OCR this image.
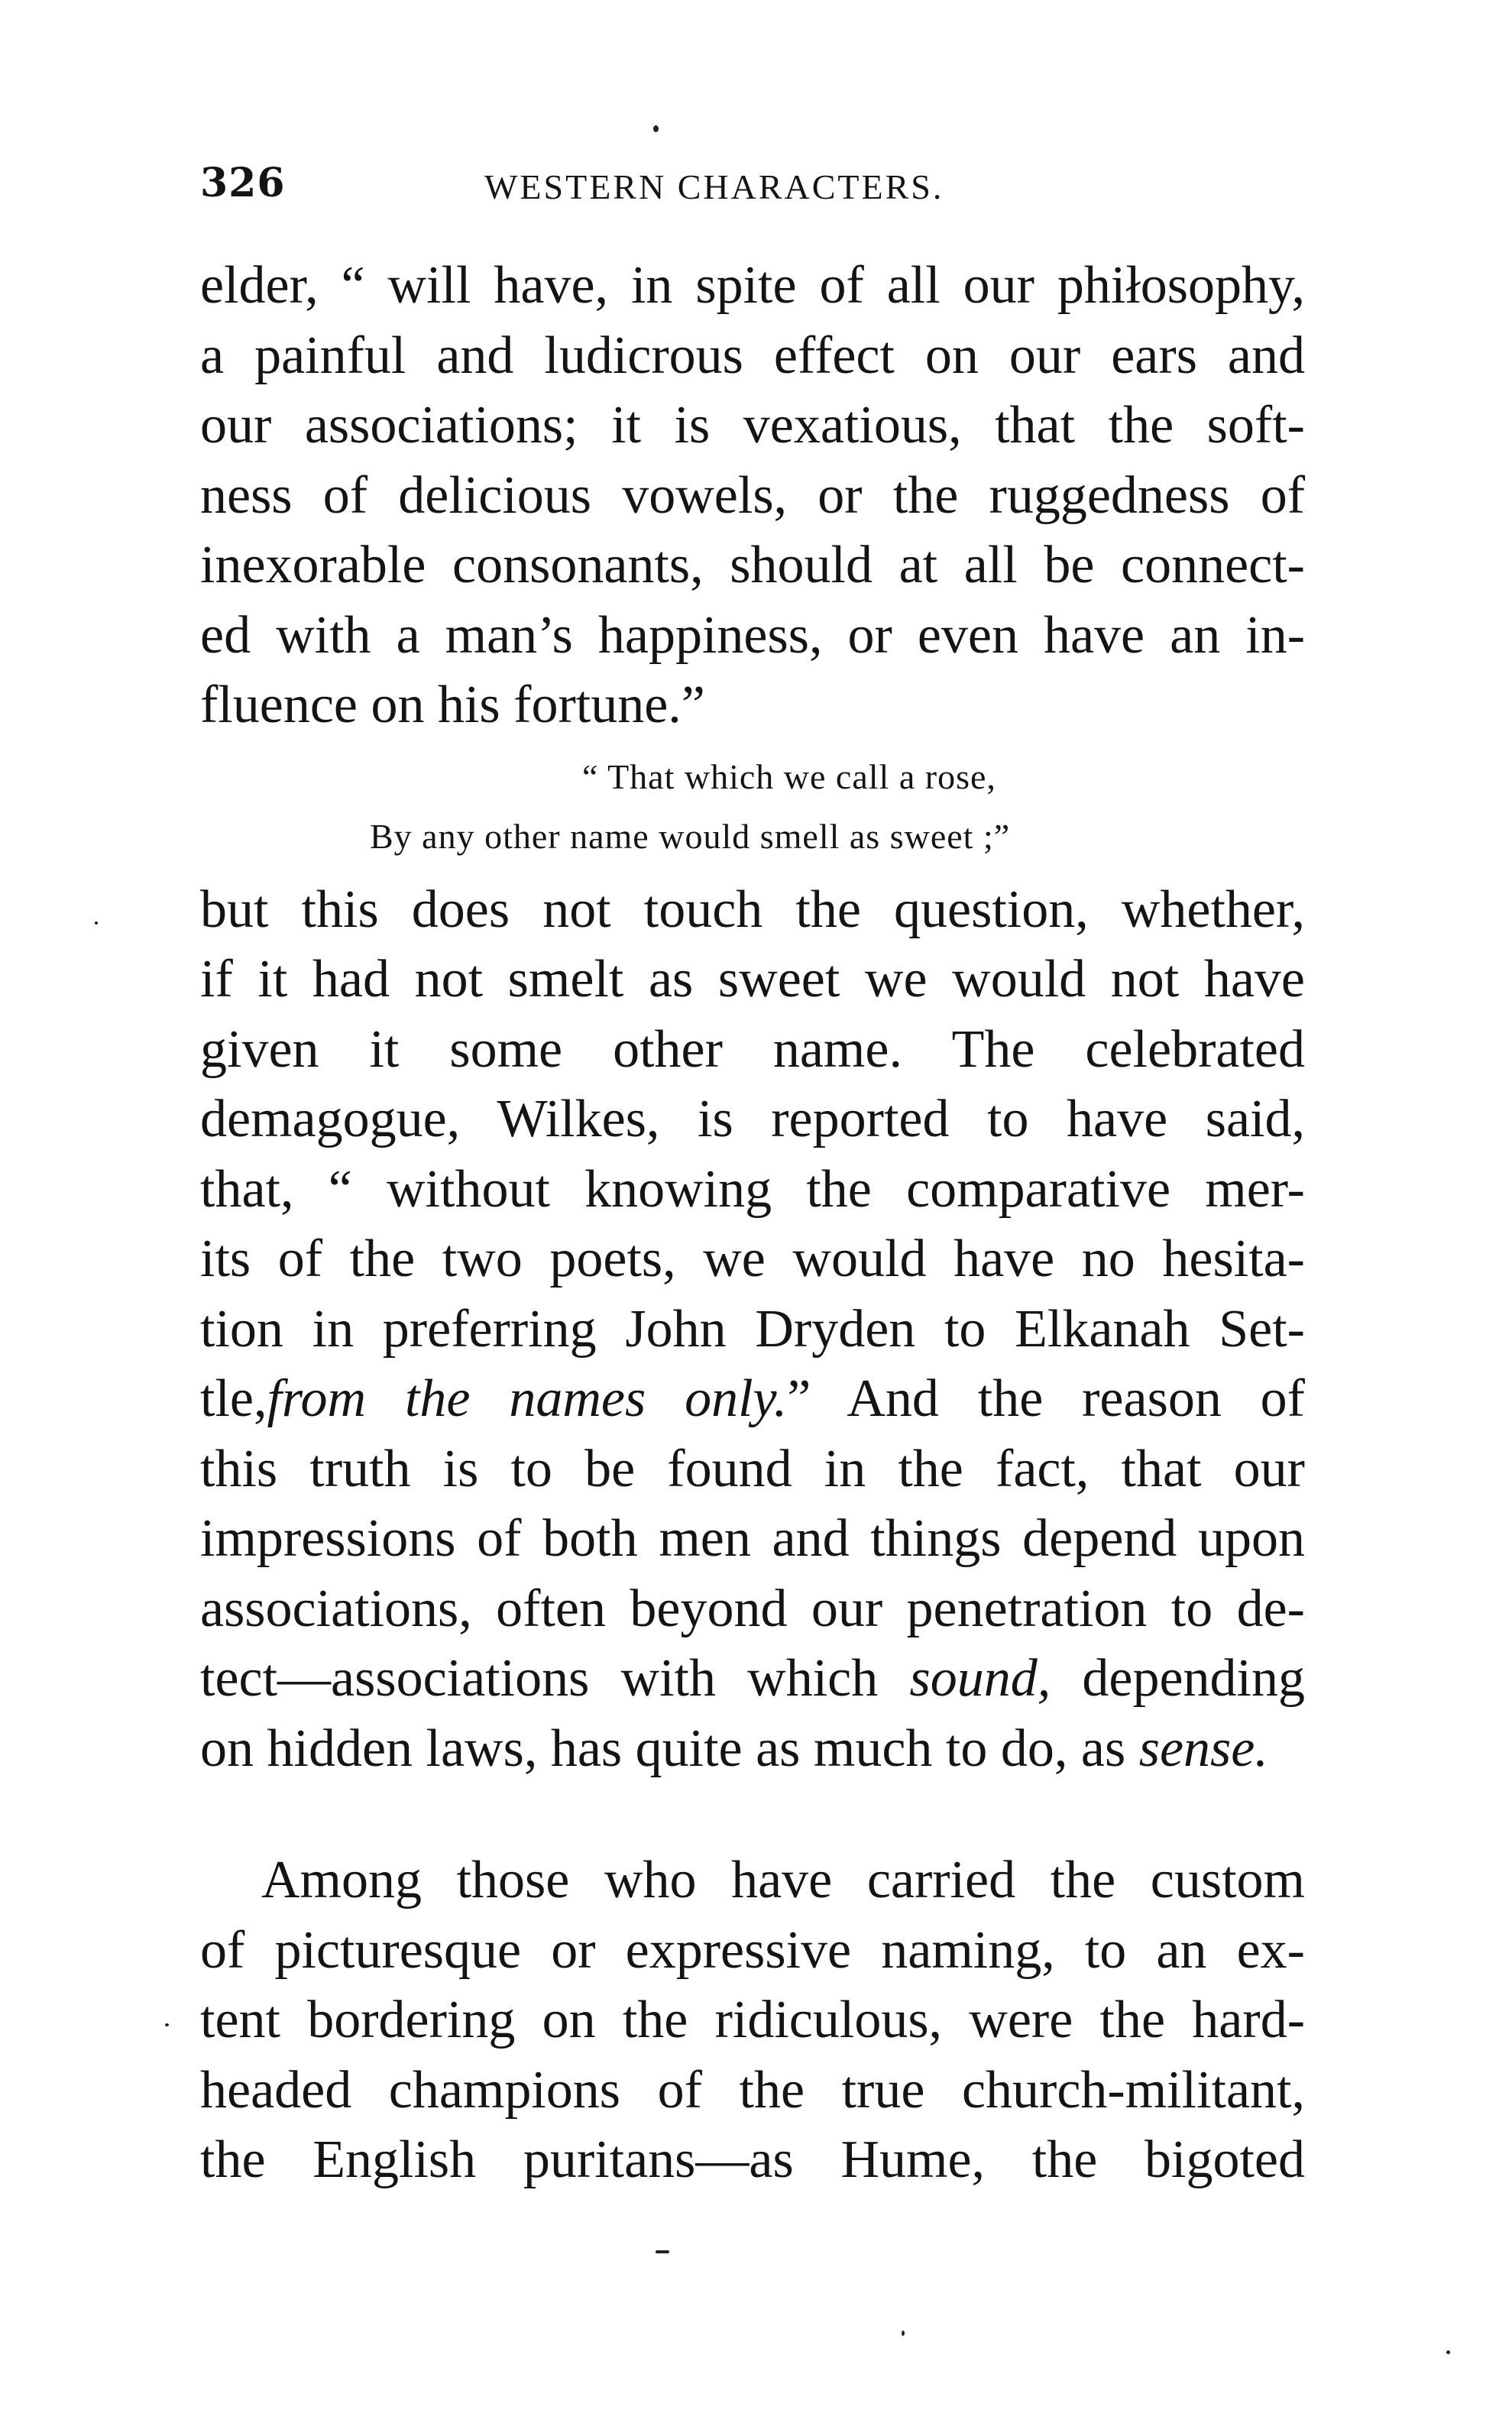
326	WESTERN CHARACTERS.
elder, “ will have, in spite of all our phiłosophy,
a painful and ludicrous effect on our ears and
our associations; it is vexatious, that the soft-
ness of delicious vowels, or the ruggedness of
inexorable consonants, should at all be connect-
ed with a man’s happiness, or even have an in-
fluence on his fortune.”
“ That which we call a rose,
By any other name would smell as sweet ;”
but this does not touch the question, whether,
if it had not smelt as sweet we would not have
given it some other name. The celebrated
demagogue, Wilkes, is reported to have said,
that, “ without knowing the comparative mer-
its of the two poets, we would have no hesita-
tion in preferring John Dryden to Elkanah Set-
tle,from the names only.” And the reason of
this truth is to be found in the fact, that our
impressions of both men and things depend upon
associations, often beyond our penetration to de-
tect—associations with which sound, depending
on hidden laws, has quite as much to do, as sense.
Among those who have carried the custom
of picturesque or expressive naming, to an ex-
tent bordering on the ridiculous, were the hard-
headed champions of the true church-militant,
the English puritans—as Hume, the bigoted
